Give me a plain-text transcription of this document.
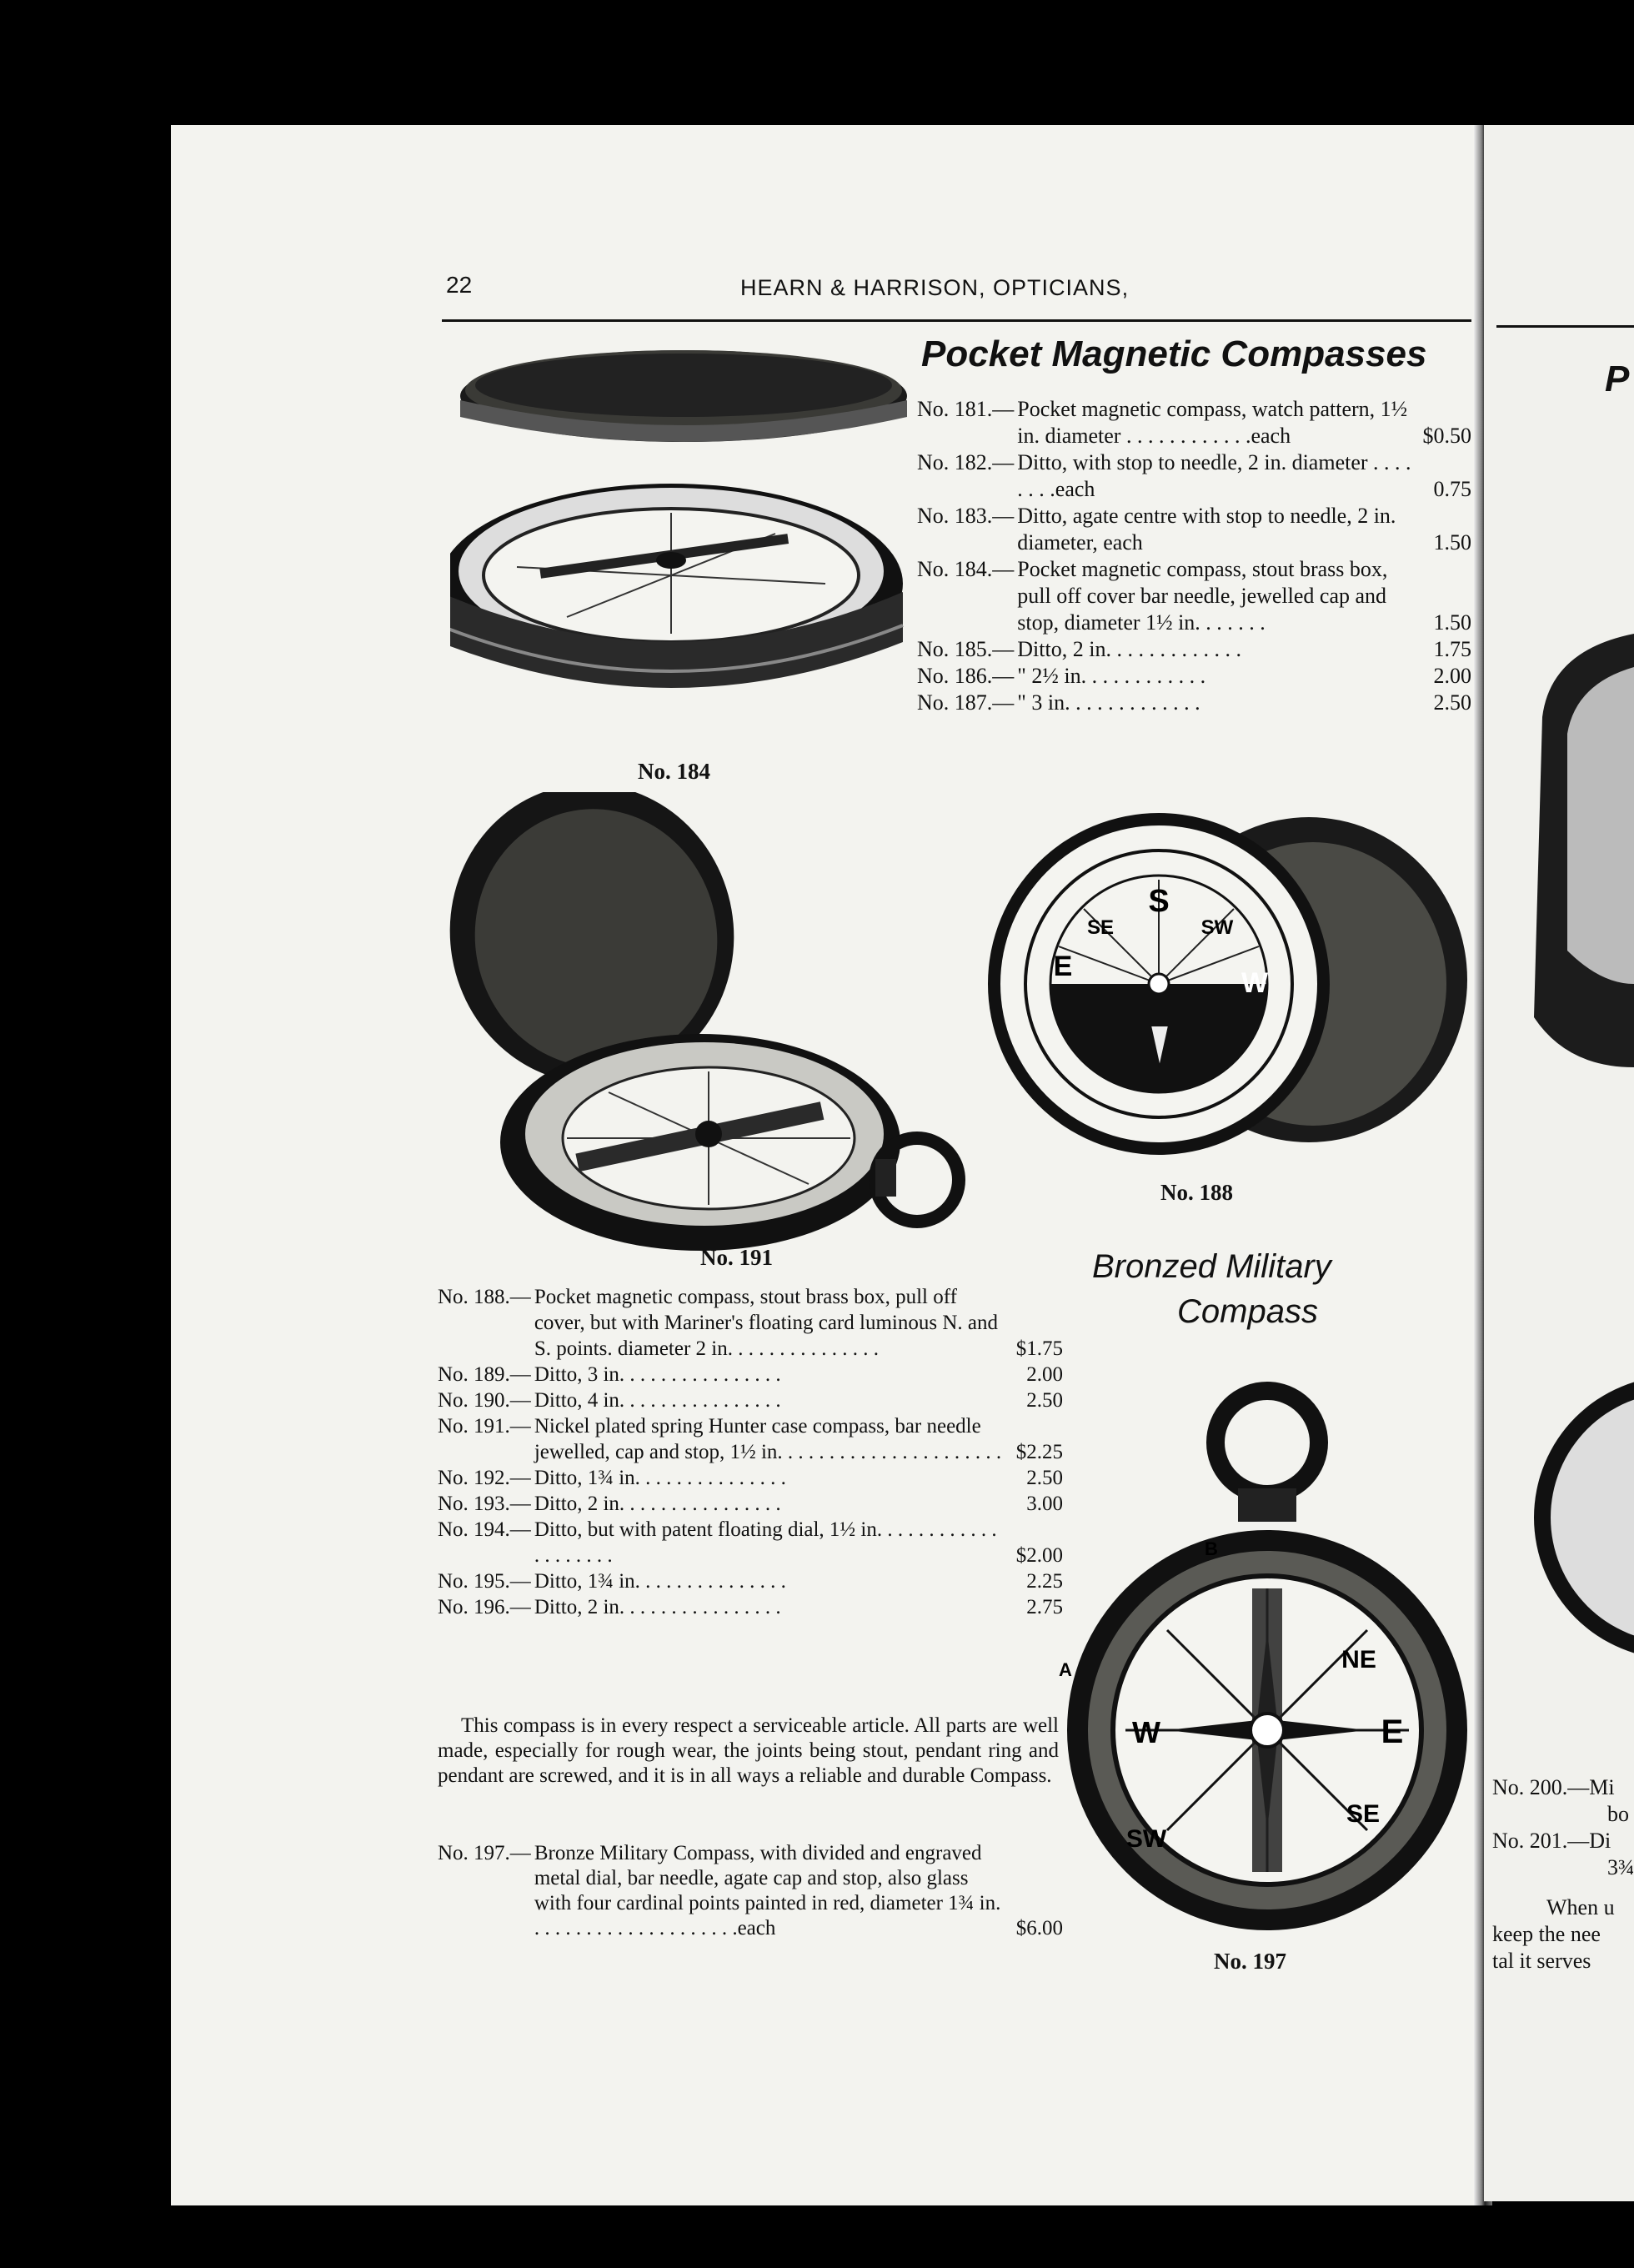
22	HEARN & HARRISON, OPTICIANS,
Pocket Magnetic Compasses
No. 181.— Pocket magnetic compass, watch pattern, 1½ in. diameter . . . . . . . . . . . .each	$0.50
No. 182.— Ditto, with stop to needle, 2 in. diameter . . . . . . . .each	0.75
No. 183.— Ditto, agate centre with stop to needle, 2 in. diameter, each	1.50
No. 184.— Pocket magnetic compass, stout brass box, pull off cover bar needle, jewelled cap and stop, diameter 1½ in. . . . . . .	1.50
No. 185.— Ditto, 2 in. . . . . . . . . . . . .	1.75
No. 186.— " 2½ in. . . . . . . . . . . .	2.00
No. 187.— " 3 in. . . . . . . . . . . . .	2.50
No. 184
No. 191
S
E
W
SE	SW
No. 188
Bronzed Military
Compass
E
W
NE
SE
SW
B
A
No. 197
No. 188.— Pocket magnetic compass, stout brass box, pull off cover, but with Mariner's floating card luminous N. and S. points. diameter 2 in. . . . . . . . . . . . . . .	$1.75
No. 189.— Ditto, 3 in. . . . . . . . . . . . . . . .	2.00
No. 190.— Ditto, 4 in. . . . . . . . . . . . . . . .	2.50
No. 191.— Nickel plated spring Hunter case compass, bar needle jewelled, cap and stop, 1½ in. . . . . . . . . . . . . . . . . . . . . . $2.25
No. 192.— Ditto, 1¾ in. . . . . . . . . . . . . . .	2.50
No. 193.— Ditto, 2 in. . . . . . . . . . . . . . . .	3.00
No. 194.— Ditto, but with patent floating dial, 1½ in. . . . . . . . . . . . . . . . . . . .	$2.00
No. 195.— Ditto, 1¾ in. . . . . . . . . . . . . . .	2.25
No. 196.— Ditto, 2 in. . . . . . . . . . . . . . . .	2.75
This compass is in every respect a serviceable article. All parts are well made, especially for rough wear, the joints being stout, pendant ring and pendant are screwed, and it is in all ways a reliable and durable Compass.
No. 197.— Bronze Military Compass, with divided and engraved metal dial, bar needle, agate cap and stop, also glass with four cardinal points painted in red, diameter 1¾ in. . . . . . . . . . . . . . . . . . . . .each	$6.00
P
No. 200.—Mi
bo
No. 201.—Di
3¾
When u
keep the nee
tal it serves
